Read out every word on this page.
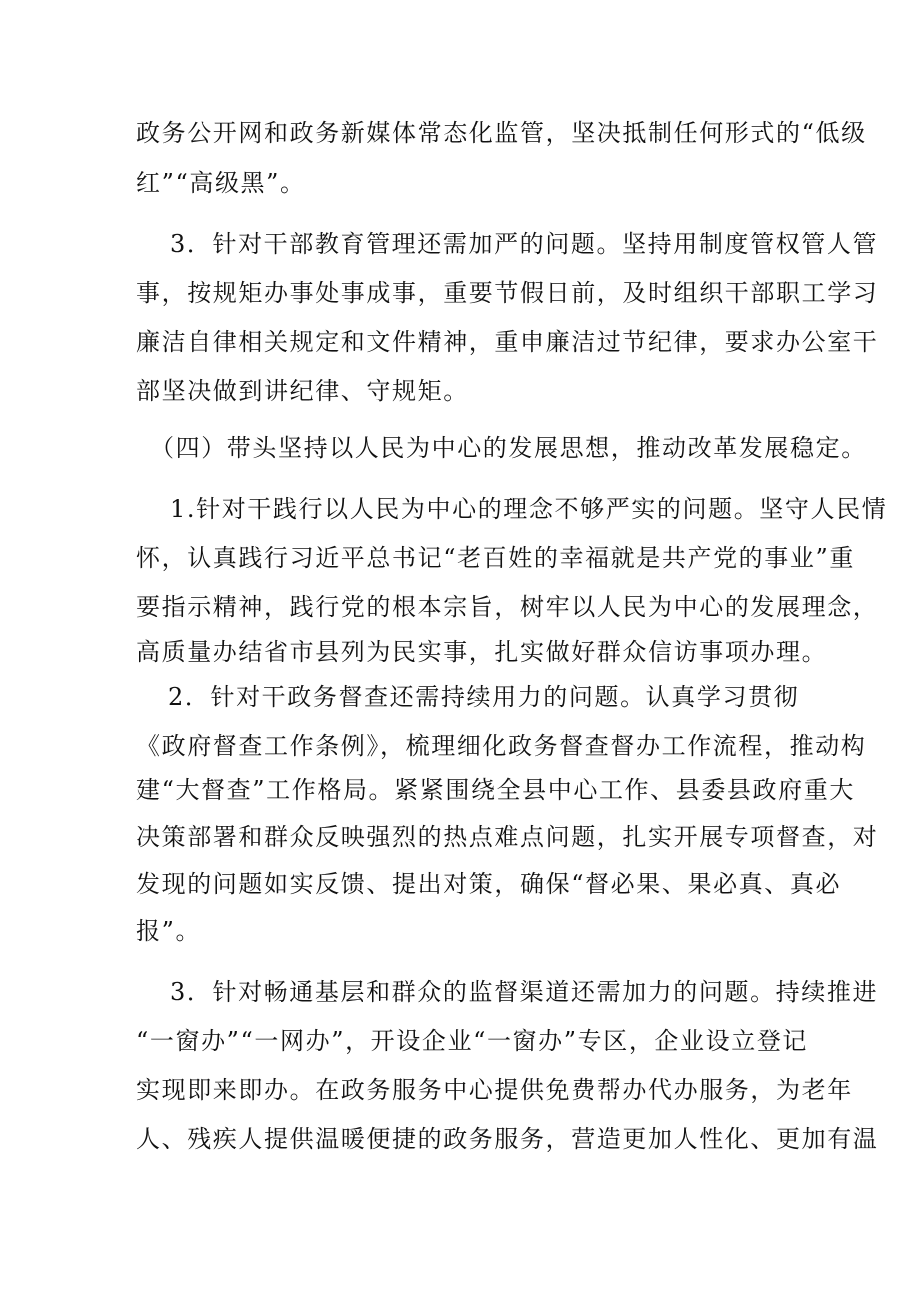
政务公开网和政务新媒体常态化监管，坚决抵制任何形式的“低级
红”“高级黑”。
3．针对干部教育管理还需加严的问题。坚持用制度管权管人管
事，按规矩办事处事成事，重要节假日前，及时组织干部职工学习
廉洁自律相关规定和文件精神，重申廉洁过节纪律，要求办公室干
部坚决做到讲纪律、守规矩。
（四）带头坚持以人民为中心的发展思想，推动改革发展稳定。
1.针对干践行以人民为中心的理念不够严实的问题。坚守人民情
怀，认真践行习近平总书记“老百姓的幸福就是共产党的事业”重
要指示精神，践行党的根本宗旨，树牢以人民为中心的发展理念，
高质量办结省市县列为民实事，扎实做好群众信访事项办理。
2．针对干政务督查还需持续用力的问题。认真学习贯彻
《政府督查工作条例》，梳理细化政务督查督办工作流程，推动构
建“大督查”工作格局。紧紧围绕全县中心工作、县委县政府重大
决策部署和群众反映强烈的热点难点问题，扎实开展专项督查，对
发现的问题如实反馈、提出对策，确保“督必果、果必真、真必
报”。
3．针对畅通基层和群众的监督渠道还需加力的问题。持续推进
“一窗办”“一网办”，开设企业“一窗办”专区，企业设立登记
实现即来即办。在政务服务中心提供免费帮办代办服务，为老年
人、残疾人提供温暖便捷的政务服务，营造更加人性化、更加有温
